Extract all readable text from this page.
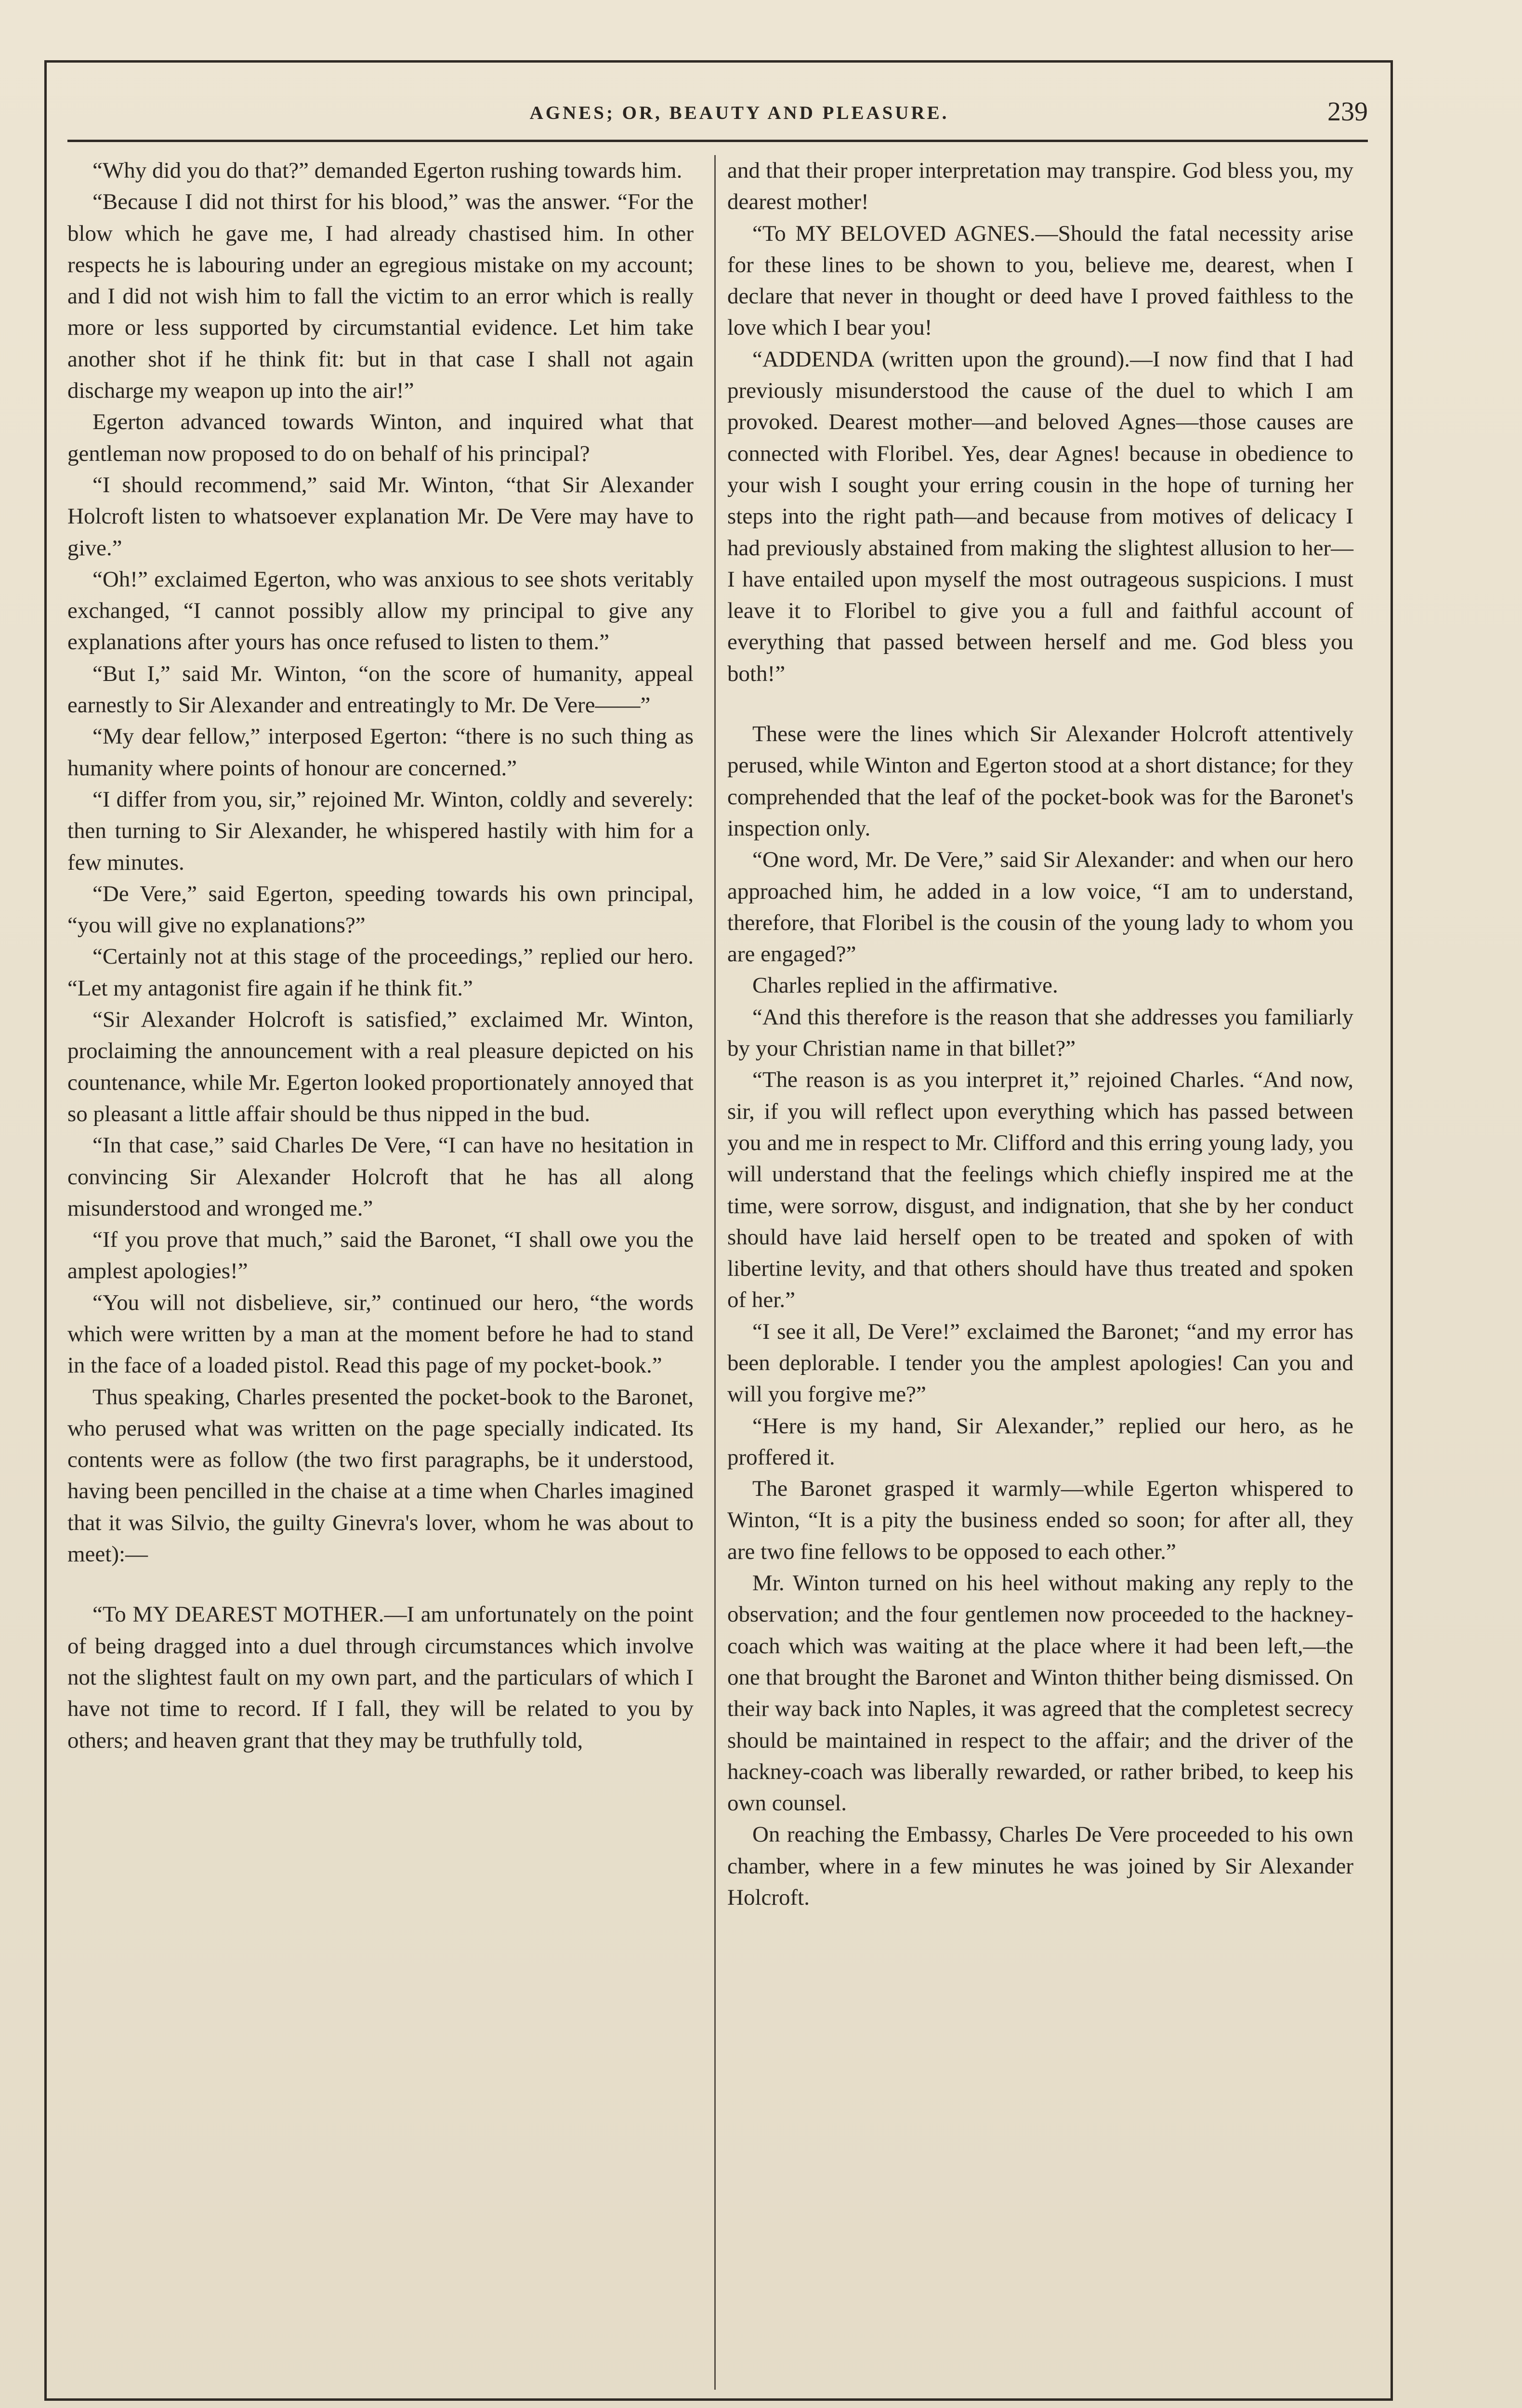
AGNES; OR, BEAUTY AND PLEASURE.	239

“Why did you do that?” demanded Egerton rushing towards him.

“Because I did not thirst for his blood,” was the answer. “For the blow which he gave me, I had already chastised him. In other respects he is labouring under an egregious mistake on my account; and I did not wish him to fall the victim to an error which is really more or less supported by circumstantial evidence. Let him take another shot if he think fit: but in that case I shall not again discharge my weapon up into the air!”

Egerton advanced towards Winton, and inquired what that gentleman now proposed to do on behalf of his principal?

“I should recommend,” said Mr. Winton, “that Sir Alexander Holcroft listen to whatsoever explanation Mr. De Vere may have to give.”

“Oh!” exclaimed Egerton, who was anxious to see shots veritably exchanged, “I cannot possibly allow my principal to give any explanations after yours has once refused to listen to them.”

“But I,” said Mr. Winton, “on the score of humanity, appeal earnestly to Sir Alexander and entreatingly to Mr. De Vere——”

“My dear fellow,” interposed Egerton: “there is no such thing as humanity where points of honour are concerned.”

“I differ from you, sir,” rejoined Mr. Winton, coldly and severely: then turning to Sir Alexander, he whispered hastily with him for a few minutes.

“De Vere,” said Egerton, speeding towards his own principal, “you will give no explanations?”

“Certainly not at this stage of the proceedings,” replied our hero. “Let my antagonist fire again if he think fit.”

“Sir Alexander Holcroft is satisfied,” exclaimed Mr. Winton, proclaiming the announcement with a real pleasure depicted on his countenance, while Mr. Egerton looked proportionately annoyed that so pleasant a little affair should be thus nipped in the bud.

“In that case,” said Charles De Vere, “I can have no hesitation in convincing Sir Alexander Holcroft that he has all along misunderstood and wronged me.”

“If you prove that much,” said the Baronet, “I shall owe you the amplest apologies!”

“You will not disbelieve, sir,” continued our hero, “the words which were written by a man at the moment before he had to stand in the face of a loaded pistol. Read this page of my pocket-book.”

Thus speaking, Charles presented the pocket-book to the Baronet, who perused what was written on the page specially indicated. Its contents were as follow (the two first paragraphs, be it understood, having been pencilled in the chaise at a time when Charles imagined that it was Silvio, the guilty Ginevra's lover, whom he was about to meet):—

“To MY DEAREST MOTHER.—I am unfortunately on the point of being dragged into a duel through circumstances which involve not the slightest fault on my own part, and the particulars of which I have not time to record. If I fall, they will be related to you by others; and heaven grant that they may be truthfully told,

and that their proper interpretation may transpire. God bless you, my dearest mother!

“To MY BELOVED AGNES.—Should the fatal necessity arise for these lines to be shown to you, believe me, dearest, when I declare that never in thought or deed have I proved faithless to the love which I bear you!

“ADDENDA (written upon the ground).—I now find that I had previously misunderstood the cause of the duel to which I am provoked. Dearest mother—and beloved Agnes—those causes are connected with Floribel. Yes, dear Agnes! because in obedience to your wish I sought your erring cousin in the hope of turning her steps into the right path—and because from motives of delicacy I had previously abstained from making the slightest allusion to her—I have entailed upon myself the most outrageous suspicions. I must leave it to Floribel to give you a full and faithful account of everything that passed between herself and me. God bless you both!”

These were the lines which Sir Alexander Holcroft attentively perused, while Winton and Egerton stood at a short distance; for they comprehended that the leaf of the pocket-book was for the Baronet's inspection only.

“One word, Mr. De Vere,” said Sir Alexander: and when our hero approached him, he added in a low voice, “I am to understand, therefore, that Floribel is the cousin of the young lady to whom you are engaged?”

Charles replied in the affirmative.

“And this therefore is the reason that she addresses you familiarly by your Christian name in that billet?”

“The reason is as you interpret it,” rejoined Charles. “And now, sir, if you will reflect upon everything which has passed between you and me in respect to Mr. Clifford and this erring young lady, you will understand that the feelings which chiefly inspired me at the time, were sorrow, disgust, and indignation, that she by her conduct should have laid herself open to be treated and spoken of with libertine levity, and that others should have thus treated and spoken of her.”

“I see it all, De Vere!” exclaimed the Baronet; “and my error has been deplorable. I tender you the amplest apologies! Can you and will you forgive me?”

“Here is my hand, Sir Alexander,” replied our hero, as he proffered it.

The Baronet grasped it warmly—while Egerton whispered to Winton, “It is a pity the business ended so soon; for after all, they are two fine fellows to be opposed to each other.”

Mr. Winton turned on his heel without making any reply to the observation; and the four gentlemen now proceeded to the hackney-coach which was waiting at the place where it had been left,—the one that brought the Baronet and Winton thither being dismissed. On their way back into Naples, it was agreed that the completest secrecy should be maintained in respect to the affair; and the driver of the hackney-coach was liberally rewarded, or rather bribed, to keep his own counsel.

On reaching the Embassy, Charles De Vere proceeded to his own chamber, where in a few minutes he was joined by Sir Alexander Holcroft.
